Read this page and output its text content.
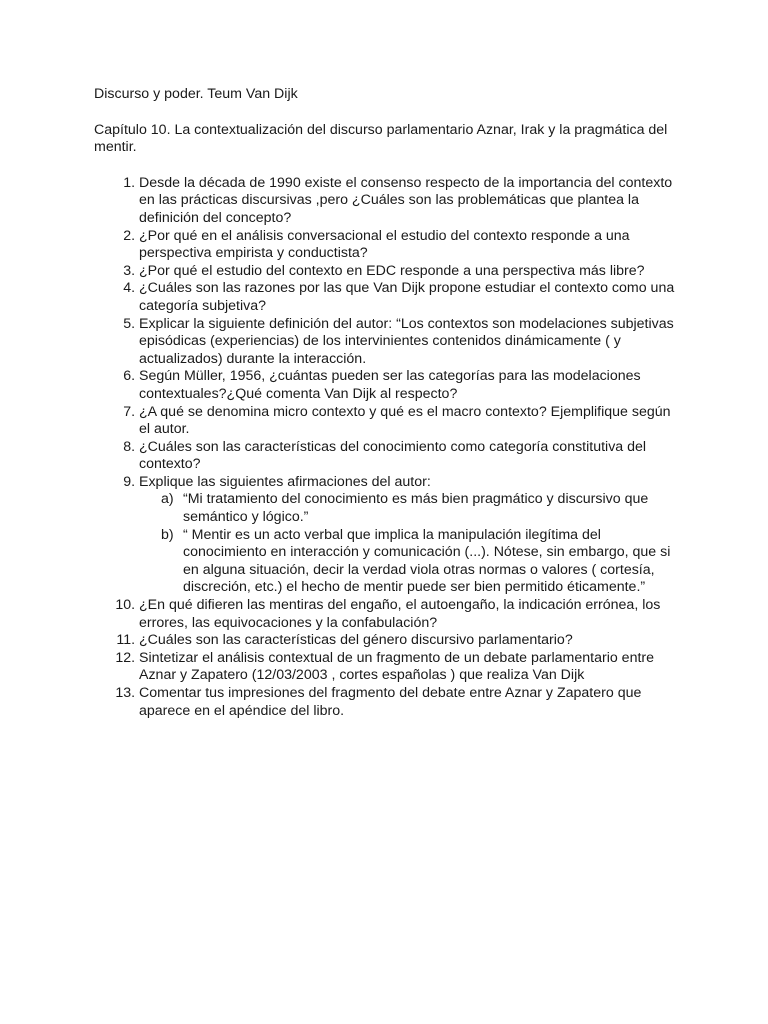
Discurso y poder. Teum Van Dijk

Capítulo 10. La contextualización del discurso parlamentario Aznar, Irak y la pragmática del mentir.

1. Desde la década de 1990 existe el consenso respecto de la importancia del contexto en las prácticas discursivas ,pero ¿Cuáles son las problemáticas que plantea la definición del concepto?
2. ¿Por qué en el análisis conversacional el estudio del contexto responde a una perspectiva empirista y conductista?
3. ¿Por qué el estudio del contexto en EDC responde a una perspectiva más libre?
4. ¿Cuáles son las razones por las que Van Dijk propone estudiar el contexto como una categoría subjetiva?
5. Explicar la siguiente definición del autor: “Los contextos son modelaciones subjetivas episódicas (experiencias) de los intervinientes contenidos dinámicamente ( y actualizados) durante la interacción.
6. Según Müller, 1956, ¿cuántas pueden ser las categorías para las modelaciones contextuales?¿Qué comenta Van Dijk al respecto?
7. ¿A qué se denomina micro contexto y qué es el macro contexto? Ejemplifique según el autor.
8. ¿Cuáles son las características del conocimiento como categoría constitutiva del contexto?
9. Explique las siguientes afirmaciones del autor:
a) “Mi tratamiento del conocimiento es más bien pragmático y discursivo que semántico y lógico.”
b) “ Mentir es un acto verbal que implica la manipulación ilegítima del conocimiento en interacción y comunicación (...). Nótese, sin embargo, que si en alguna situación, decir la verdad viola otras normas o valores ( cortesía, discreción, etc.) el hecho de mentir puede ser bien permitido éticamente.”
10. ¿En qué difieren las mentiras del engaño, el autoengaño, la indicación errónea, los errores, las equivocaciones y la confabulación?
11. ¿Cuáles son las características del género discursivo parlamentario?
12. Sintetizar el análisis contextual de un fragmento de un debate parlamentario entre Aznar y Zapatero (12/03/2003 , cortes españolas ) que realiza Van Dijk
13. Comentar tus impresiones del fragmento del debate entre Aznar y Zapatero que aparece en el apéndice del libro.
